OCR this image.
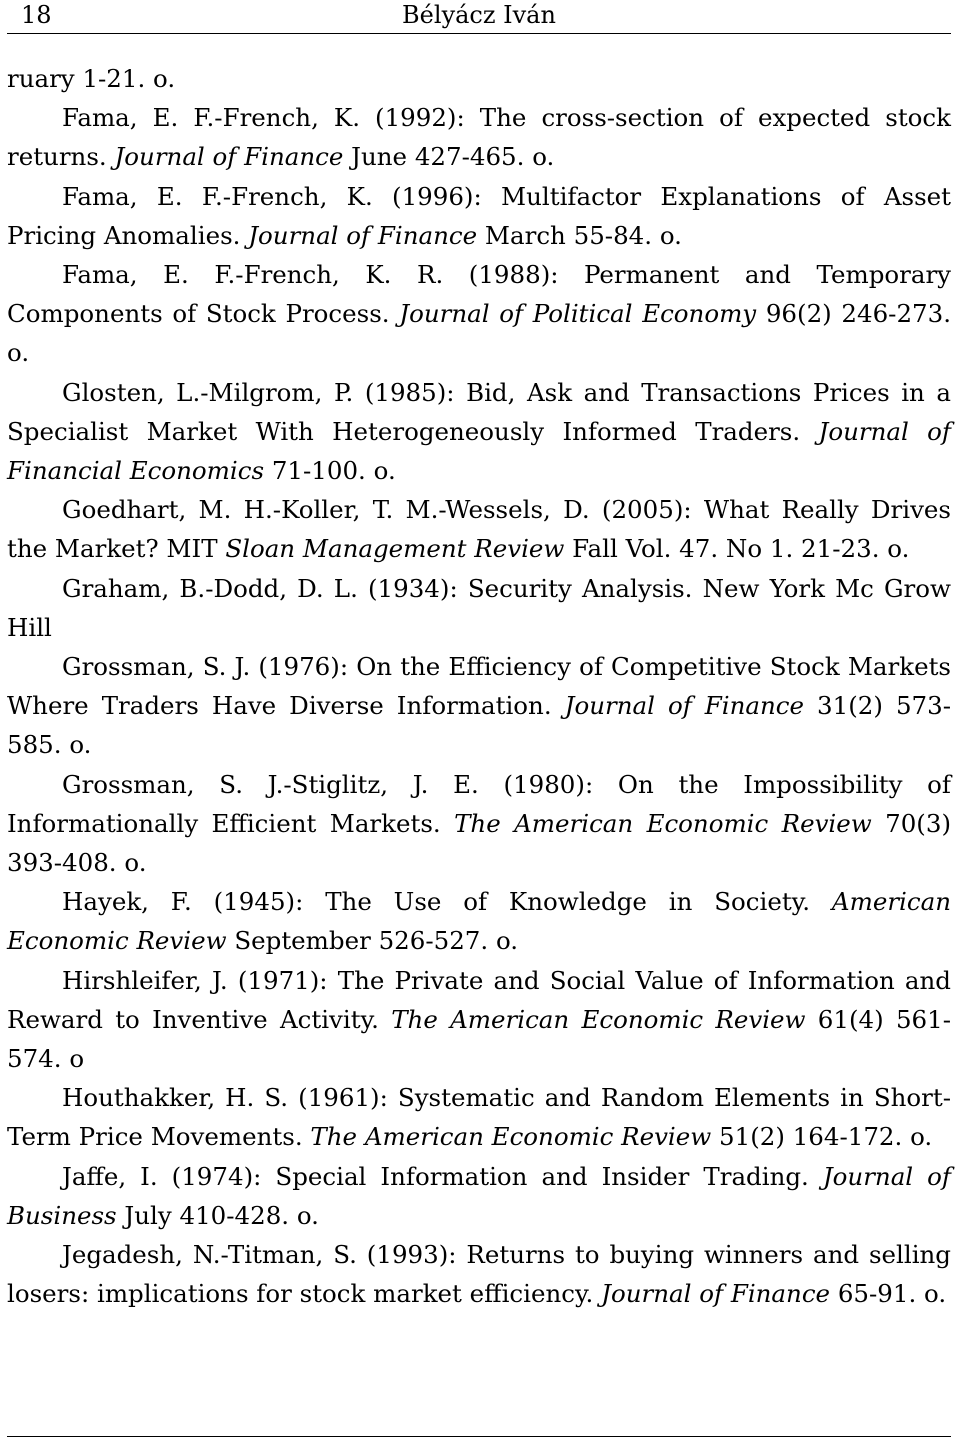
18	Bélyácz Iván

ruary 1-21. o.

Fama, E. F.-French, K. (1992): The cross-section of expected stock returns. Journal of Finance June 427-465. o.

Fama, E. F.-French, K. (1996): Multifactor Explanations of Asset Pricing Anomalies. Journal of Finance March 55-84. o.

Fama, E. F.-French, K. R. (1988): Permanent and Temporary Components of Stock Process. Journal of Political Economy 96(2) 246-273. o.

Glosten, L.-Milgrom, P. (1985): Bid, Ask and Transactions Prices in a Specialist Market With Heterogeneously Informed Traders. Journal of Financial Economics 71-100. o.

Goedhart, M. H.-Koller, T. M.-Wessels, D. (2005): What Really Drives the Market? MIT Sloan Management Review Fall Vol. 47. No 1. 21-23. o.

Graham, B.-Dodd, D. L. (1934): Security Analysis. New York Mc Grow Hill

Grossman, S. J. (1976): On the Efficiency of Competitive Stock Markets Where Traders Have Diverse Information. Journal of Finance 31(2) 573-585. o.

Grossman, S. J.-Stiglitz, J. E. (1980): On the Impossibility of Informationally Efficient Markets. The American Economic Review 70(3) 393-408. o.

Hayek, F. (1945): The Use of Knowledge in Society. American Economic Review September 526-527. o.

Hirshleifer, J. (1971): The Private and Social Value of Information and Reward to Inventive Activity. The American Economic Review 61(4) 561-574. o

Houthakker, H. S. (1961): Systematic and Random Elements in Short-Term Price Movements. The American Economic Review 51(2) 164-172. o.

Jaffe, I. (1974): Special Information and Insider Trading. Journal of Business July 410-428. o.

Jegadesh, N.-Titman, S. (1993): Returns to buying winners and selling losers: implications for stock market efficiency. Journal of Finance 65-91. o.
